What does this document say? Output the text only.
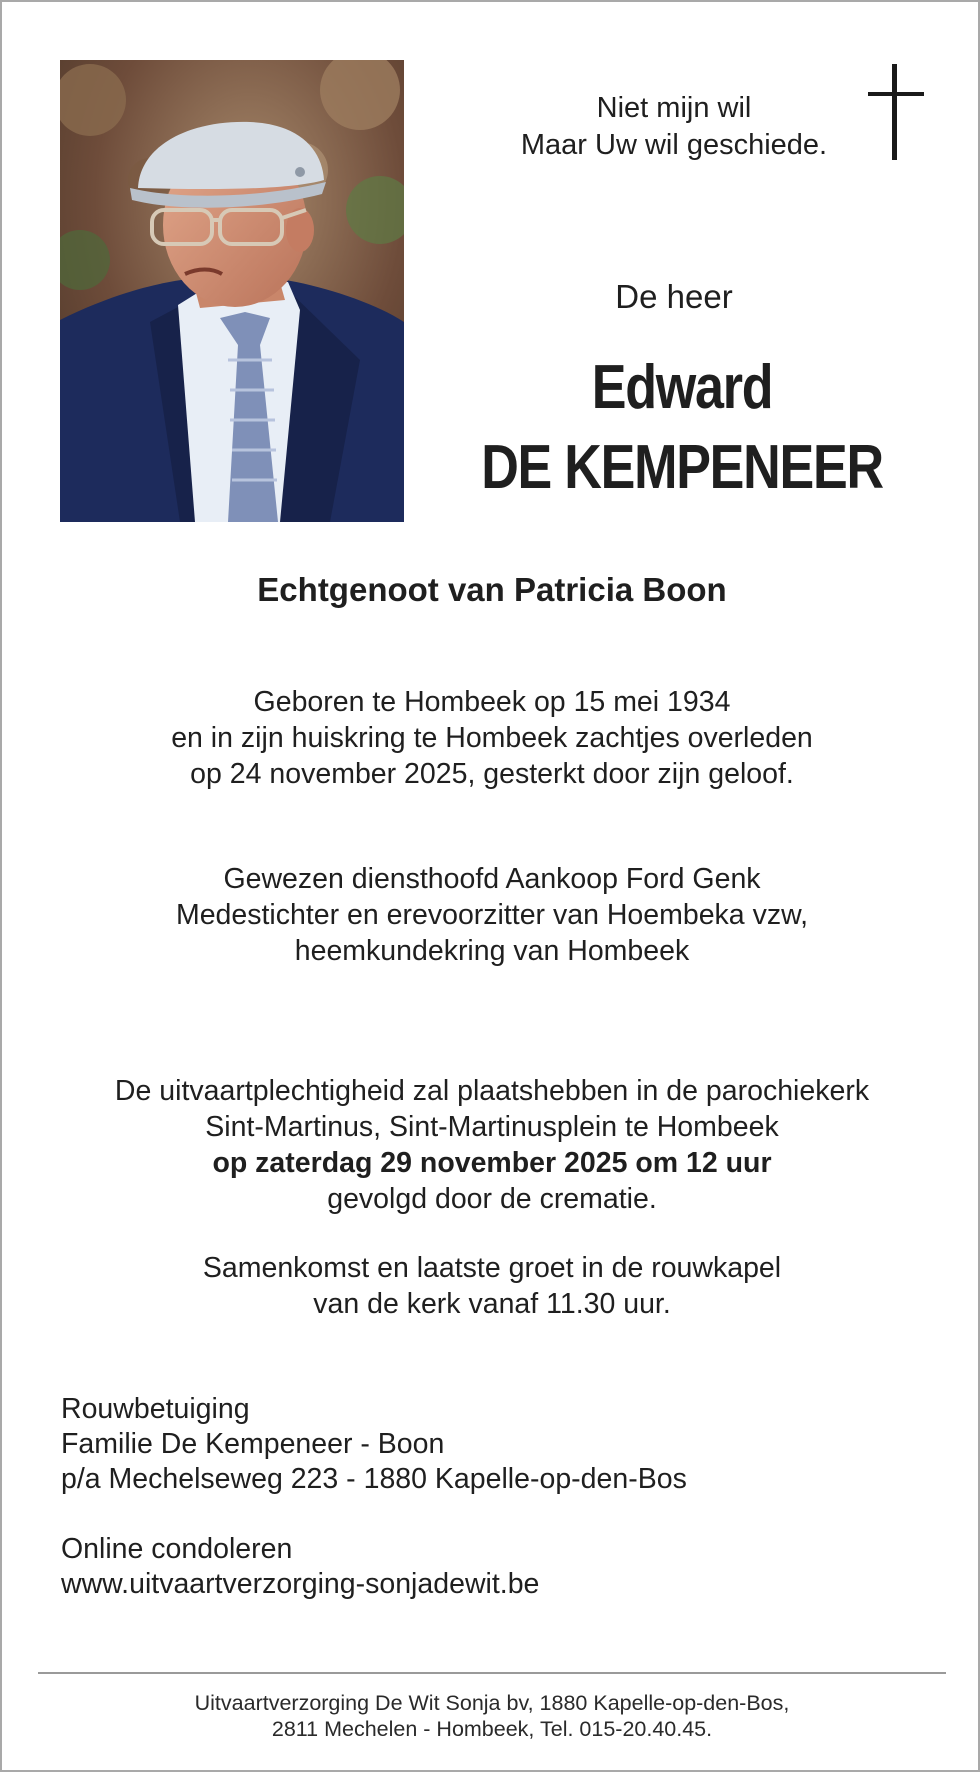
Niet mijn wil
Maar Uw wil geschiede.
De heer
Edward
DE KEMPENEER
Echtgenoot van Patricia Boon
Geboren te Hombeek op 15 mei 1934
en in zijn huiskring te Hombeek zachtjes overleden
op 24 november 2025, gesterkt door zijn geloof.
Gewezen diensthoofd Aankoop Ford Genk
Medestichter en erevoorzitter van Hoembeka vzw,
heemkundekring van Hombeek
De uitvaartplechtigheid zal plaatshebben in de parochiekerk
Sint-Martinus, Sint-Martinusplein te Hombeek
op zaterdag 29 november 2025 om 12 uur
gevolgd door de crematie.
Samenkomst en laatste groet in de rouwkapel
van de kerk vanaf 11.30 uur.
Rouwbetuiging
Familie De Kempeneer - Boon
p/a Mechelseweg 223 - 1880 Kapelle-op-den-Bos
Online condoleren
www.uitvaartverzorging-sonjadewit.be
Uitvaartverzorging De Wit Sonja bv, 1880 Kapelle-op-den-Bos,
2811 Mechelen - Hombeek, Tel. 015-20.40.45.
